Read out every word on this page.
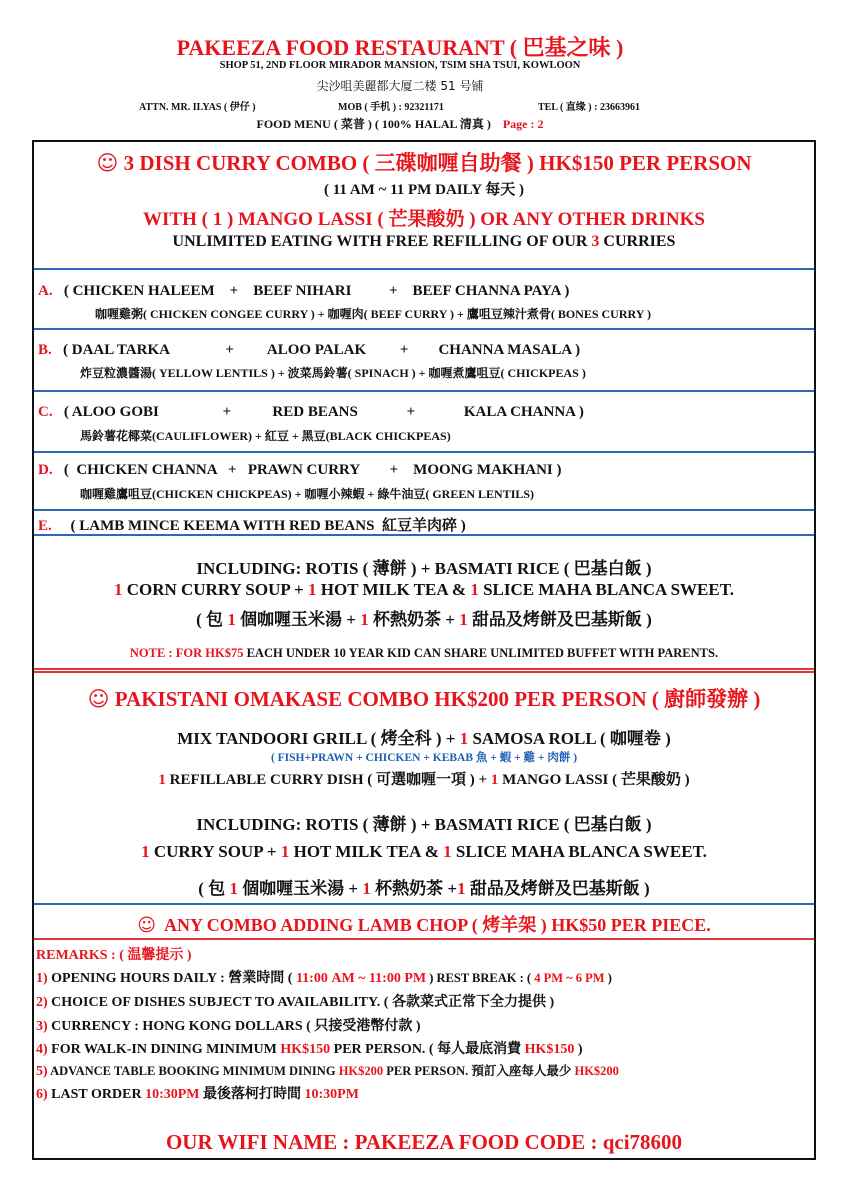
PAKEEZA FOOD RESTAURANT ( 巴基之味 )
SHOP 51, 2ND FLOOR MIRADOR MANSION, TSIM SHA TSUI, KOWLOON
尖沙咀美麗都大厦二楼 51 号铺
ATTN. MR. ILYAS ( 伊仔 )	MOB ( 手机 ) : 92321171	TEL ( 直缘 ) : 23663961
FOOD MENU ( 菜普 ) ( 100% HALAL 清真 ) Page : 2
☺ 3 DISH CURRY COMBO ( 三碟咖喱自助餐 ) HK$150 PER PERSON
( 11 AM ~ 11 PM DAILY 每天 )
WITH ( 1 ) MANGO LASSI ( 芒果酸奶 ) OR ANY OTHER DRINKS
UNLIMITED EATING WITH FREE REFILLING OF OUR 3 CURRIES
A. ( CHICKEN HALEEM    +    BEEF NIHARI          +    BEEF CHANNA PAYA )
咖喱雞粥( CHICKEN CONGEE CURRY ) + 咖喱肉( BEEF CURRY ) + 鷹咀豆辣汁煮骨( BONES CURRY )
B. ( DAAL TARKA               +         ALOO PALAK         +        CHANNA MASALA )
炸豆粒濃醬湯( YELLOW LENTILS ) + 波菜馬鈴薯( SPINACH ) + 咖喱煮鷹咀豆( CHICKPEAS )
C. ( ALOO GOBI                 +           RED BEANS             +             KALA CHANNA )
馬鈴薯花椰菜(CAULIFLOWER) + 紅豆 + 黑豆(BLACK CHICKPEAS)
D. (  CHICKEN CHANNA   +   PRAWN CURRY        +    MOONG MAKHANI )
咖喱雞鷹咀豆(CHICKEN CHICKPEAS) + 咖喱小辣蝦 + 綠牛油豆( GREEN LENTILS)
E. ( LAMB MINCE KEEMA WITH RED BEANS  紅豆羊肉碎 )
INCLUDING: ROTIS ( 薄餅 ) + BASMATI RICE ( 巴基白飯 )
1 CORN CURRY SOUP + 1 HOT MILK TEA & 1 SLICE MAHA BLANCA SWEET.
( 包 1 個咖喱玉米湯 + 1 杯熱奶茶 + 1 甜品及烤餅及巴基斯飯 )
NOTE : FOR HK$75 EACH UNDER 10 YEAR KID CAN SHARE UNLIMITED BUFFET WITH PARENTS.
☺ PAKISTANI OMAKASE COMBO HK$200 PER PERSON ( 廚師發辦 )
MIX TANDOORI GRILL ( 烤全科 ) + 1 SAMOSA ROLL ( 咖喱卷 )
( FISH+PRAWN + CHICKEN + KEBAB 魚 + 蝦 + 雞 + 肉餅 )
1 REFILLABLE CURRY DISH ( 可選咖喱一項 ) + 1 MANGO LASSI ( 芒果酸奶 )
INCLUDING: ROTIS ( 薄餅 ) + BASMATI RICE ( 巴基白飯 )
1 CURRY SOUP + 1 HOT MILK TEA & 1 SLICE MAHA BLANCA SWEET.
( 包 1 個咖喱玉米湯 + 1 杯熱奶茶 +1 甜品及烤餅及巴基斯飯 )
☺ ANY COMBO ADDING LAMB CHOP ( 烤羊架 ) HK$50 PER PIECE.
REMARKS : ( 温馨提示 )
1) OPENING HOURS DAILY : 營業時間 ( 11:00 AM ~ 11:00 PM ) REST BREAK : ( 4 PM ~ 6 PM )
2) CHOICE OF DISHES SUBJECT TO AVAILABILITY. ( 各款菜式正常下全力提供 )
3) CURRENCY : HONG KONG DOLLARS ( 只接受港幣付款 )
4) FOR WALK-IN DINING MINIMUM HK$150 PER PERSON. ( 每人最底消費 HK$150 )
5) ADVANCE TABLE BOOKING MINIMUM DINING HK$200 PER PERSON. 預訂入座每人最少 HK$200
6) LAST ORDER 10:30PM 最後落柯打時間 10:30PM
OUR WIFI NAME : PAKEEZA FOOD CODE : qci78600
